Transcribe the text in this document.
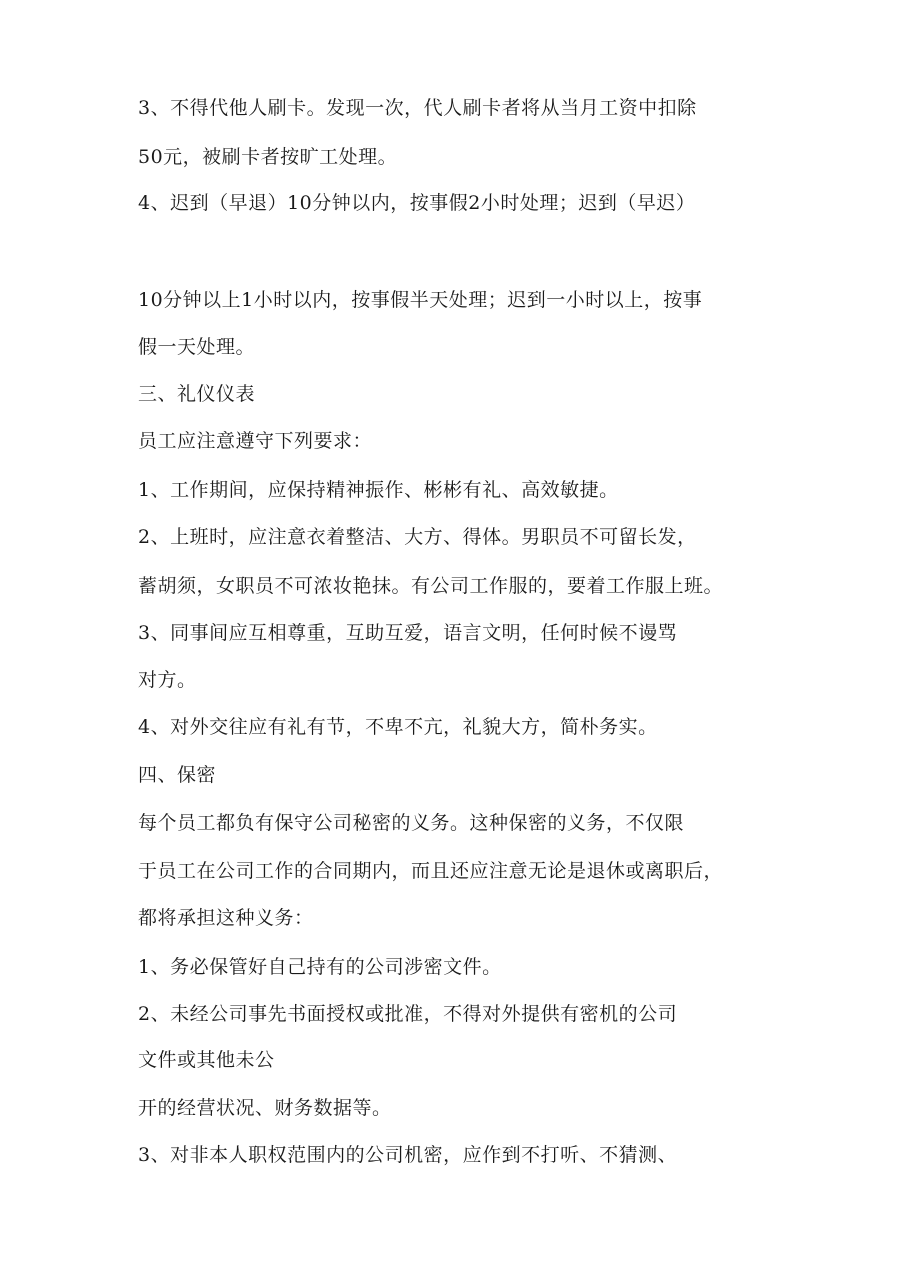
3、不得代他人刷卡。发现一次，代人刷卡者将从当月工资中扣除
50元，被刷卡者按旷工处理。
4、迟到（早退）10分钟以内，按事假2小时处理；迟到（早迟）
10分钟以上1小时以内，按事假半天处理；迟到一小时以上，按事
假一天处理。
三、礼仪仪表
员工应注意遵守下列要求：
1、工作期间，应保持精神振作、彬彬有礼、高效敏捷。
2、上班时，应注意衣着整洁、大方、得体。男职员不可留长发，
蓄胡须，女职员不可浓妆艳抹。有公司工作服的，要着工作服上班。
3、同事间应互相尊重，互助互爱，语言文明，任何时候不谩骂
对方。
4、对外交往应有礼有节，不卑不亢，礼貌大方，简朴务实。
四、保密
每个员工都负有保守公司秘密的义务。这种保密的义务，不仅限
于员工在公司工作的合同期内，而且还应注意无论是退休或离职后，
都将承担这种义务：
1、务必保管好自己持有的公司涉密文件。
2、未经公司事先书面授权或批准，不得对外提供有密机的公司
文件或其他未公
开的经营状况、财务数据等。
3、对非本人职权范围内的公司机密，应作到不打听、不猜测、
